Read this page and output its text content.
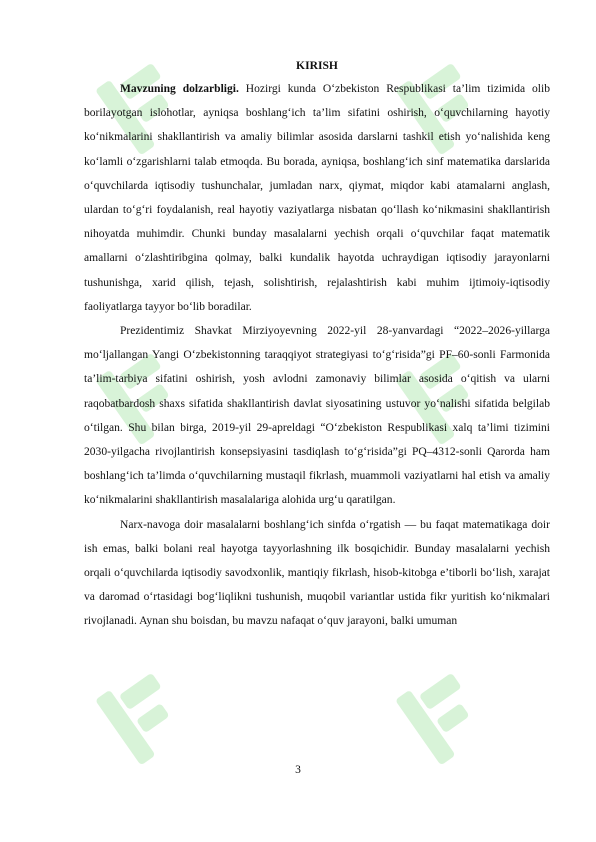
KIRISH

Mavzuning dolzarbligi. Hozirgi kunda O‘zbekiston Respublikasi ta’lim tizimida olib borilayotgan islohotlar, ayniqsa boshlang‘ich ta’lim sifatini oshirish, o‘quvchilarning hayotiy ko‘nikmalarini shakllantirish va amaliy bilimlar asosida darslarni tashkil etish yo‘nalishida keng ko‘lamli o‘zgarishlarni talab etmoqda. Bu borada, ayniqsa, boshlang‘ich sinf matematika darslarida o‘quvchilarda iqtisodiy tushunchalar, jumladan narx, qiymat, miqdor kabi atamalarni anglash, ulardan to‘g‘ri foydalanish, real hayotiy vaziyatlarga nisbatan qo‘llash ko‘nikmasini shakllantirish nihoyatda muhimdir. Chunki bunday masalalarni yechish orqali o‘quvchilar faqat matematik amallarni o‘zlashtiribgina qolmay, balki kundalik hayotda uchraydigan iqtisodiy jarayonlarni tushunishga, xarid qilish, tejash, solishtirish, rejalashtirish kabi muhim ijtimoiy-iqtisodiy faoliyatlarga tayyor bo‘lib boradilar.

Prezidentimiz Shavkat Mirziyoyevning 2022-yil 28-yanvardagi “2022–2026-yillarga mo‘ljallangan Yangi O‘zbekistonning taraqqiyot strategiyasi to‘g‘risida”gi PF–60-sonli Farmonida ta’lim-tarbiya sifatini oshirish, yosh avlodni zamonaviy bilimlar asosida o‘qitish va ularni raqobatbardosh shaxs sifatida shakllantirish davlat siyosatining ustuvor yo‘nalishi sifatida belgilab o‘tilgan. Shu bilan birga, 2019-yil 29-apreldagi “O‘zbekiston Respublikasi xalq ta’limi tizimini 2030-yilgacha rivojlantirish konsepsiyasini tasdiqlash to‘g‘risida”gi PQ–4312-sonli Qarorda ham boshlang‘ich ta’limda o‘quvchilarning mustaqil fikrlash, muammoli vaziyatlarni hal etish va amaliy ko‘nikmalarini shakllantirish masalalariga alohida urg‘u qaratilgan.

Narx-navoga doir masalalarni boshlang‘ich sinfda o‘rgatish — bu faqat matematikaga doir ish emas, balki bolani real hayotga tayyorlashning ilk bosqichidir. Bunday masalalarni yechish orqali o‘quvchilarda iqtisodiy savodxonlik, mantiqiy fikrlash, hisob-kitobga e’tiborli bo‘lish, xarajat va daromad o‘rtasidagi bog‘liqlikni tushunish, muqobil variantlar ustida fikr yuritish ko‘nikmalari rivojlanadi. Aynan shu boisdan, bu mavzu nafaqat o‘quv jarayoni, balki umuman

3
